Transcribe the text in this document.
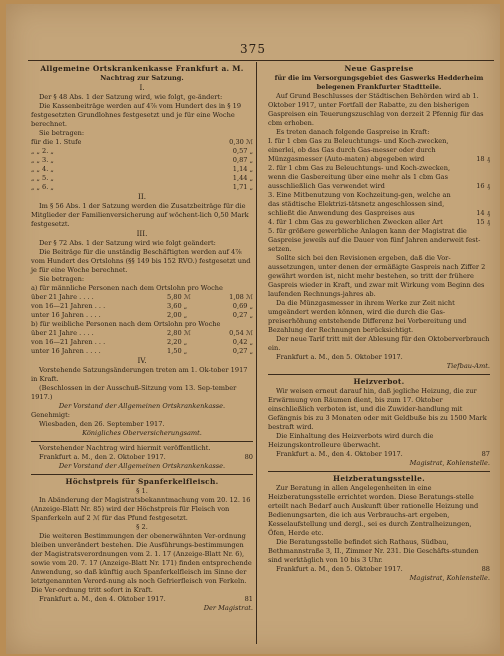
375

Allgemeine Ortskrankenkasse Frankfurt a. M.

Nachtrag zur Satzung.

I.

Der § 48 Abs. 1 der Satzung wird, wie folgt, ge-ändert:

Die Kassenbeiträge werden auf 4⅞ vom Hundert des in § 19 festgesetzten Grundlohnes festgesetzt und je für eine Woche berechnet.

Sie betragen:

für die 1. Stufe	0,30 ℳ
„ „ 2. „	0,57 „
„ „ 3. „	0,87 „
„ „ 4. „	1,14 „
„ „ 5. „	1,44 „
„ „ 6. „	1,71 „

II.

Im § 56 Abs. 1 der Satzung werden die Zusatzbeiträge für die Mitglieder der Familienversicherung auf wöchent-lich 0,50 Mark festgesetzt.

III.

Der § 72 Abs. 1 der Satzung wird wie folgt geändert:

Die Beiträge für die unständig Beschäftigten werden auf 4⅞ vom Hundert des Ortslohns (§§ 149 bis 152 RVO.) festgesetzt und je für eine Woche berechnet.

Sie betragen:

a) für männliche Personen nach dem Ortslohn pro Woche

über 21 Jahre . . . .	5,80 ℳ	1,08 ℳ
von 16—21 Jahren . . .	3,60 „	0,69 „
unter 16 Jahren . . . .	2,00 „	0,27 „

b) für weibliche Personen nach dem Ortslohn pro Woche

über 21 Jahre . . . .	2,80 ℳ	0,54 ℳ
von 16—21 Jahren . . .	2,20 „	0,42 „
unter 16 Jahren . . . .	1,50 „	0,27 „

IV.

Vorstehende Satzungsänderungen treten am 1. Ok-tober 1917 in Kraft.

(Beschlossen in der Ausschuß-Sitzung vom 13. Sep-tember 1917.)

Der Vorstand der Allgemeinen Ortskrankenkasse.

Genehmigt:

Wiesbaden, den 26. September 1917.

Königliches Oberversicherungsamt.

Vorstehender Nachtrag wird hiermit veröffentlicht.

Frankfurt a. M., den 2. Oktober 1917.	80

Der Vorstand der Allgemeinen Ortskrankenkasse.

Höchstpreis für Spanferkelfleisch.

§ 1.

In Abänderung der Magistratsbekanntmachung vom 20. 12. 16 (Anzeige-Blatt Nr. 85) wird der Höchstpreis für Fleisch von Spanferkeln auf 2 ℳ für das Pfund festgesetzt.

§ 2.

Die weiteren Bestimmungen der obenerwähnten Ver-ordnung bleiben unverändert bestehen. Die Ausführungs-bestimmungen der Magistratsverordnungen vom 2. 1. 17 (Anzeige-Blatt Nr. 6), sowie vom 20. 7. 17 (Anzeige-Blatt Nr. 171) finden entsprechende Anwendung, so daß künftig auch Spanferkelfleisch im Sinne der letztgenannten Verord-nung als noch Gefrierfleisch von Ferkeln. Die Ver-ordnung tritt sofort in Kraft.

Frankfurt a. M., den 4. Oktober 1917.	81

Der Magistrat.

Neue Gaspreise

für die im Versorgungsgebiet des Gaswerks Hedderheim belegenen Frankfurter Stadtteile.

Auf Grund Beschlusses der Städtischen Behörden wird ab 1. Oktober 1917, unter Fortfall der Rabatte, zu den bisherigen Gaspreisen ein Teuerungszuschlag von derzeit 2 Pfennig für das cbm erhoben.

Es treten danach folgende Gaspreise in Kraft:

I. für 1 cbm Gas zu Beleuchtungs- und Koch-zwecken, einerlei, ob das Gas durch Gas-messer oder durch Münzgasmesser (Auto-maten) abgegeben wird	18 ₰
2. für 1 cbm Gas zu Beleuchtungs- und Koch-zwecken, wenn die Gasbereitung über eine mehr als 1 cbm Gas ausschließlich Gas verwendet wird	16 ₰
3. Eine Mitbenutzung von Kochzeitung-gen, welche an das städtische Elektrizi-tätsnetz angeschlossen sind, schließt die Anwendung des Gaspreises aus	14 ₰
4. für 1 cbm Gas zu gewerblichen Zwecken aller Art	15 ₰
5. für größere gewerbliche Anlagen kann der Magistrat die Gaspreise jeweils auf die Dauer von fünf Jahren anderweit fest-setzen.

Sollte sich bei den Revisionen ergeben, daß die Vor-aussetzungen, unter denen der ermäßigte Gaspreis nach Ziffer 2 gewährt worden ist, nicht mehr bestehen, so tritt der frühere Gaspreis wieder in Kraft, und zwar mit Wirkung vom Beginn des laufenden Rechnungs-jahres ab.

Da die Münzgasmesser in ihrem Werke zur Zeit nicht umgeändert werden können, wird die durch die Gas-preiserhöhung entstehende Differenz bei Vorbereitung und Bezahlung der Rechnungen berücksichtigt.

Der neue Tarif tritt mit der Ablesung für den Oktoberverbrauch ein.

Frankfurt a. M., den 5. Oktober 1917.

Tiefbau-Amt.

Heizverbot.

Wir weisen erneut darauf hin, daß jegliche Heizung, die zur Erwärmung von Räumen dient, bis zum 17. Oktober einschließlich verboten ist, und die Zuwider-handlung mit Gefängnis bis zu 3 Monaten oder mit Geldbuße bis zu 1500 Mark bestraft wird.

Die Einhaltung des Heizverbots wird durch die Heizungskontrolleure überwacht.

Frankfurt a. M., den 4. Oktober 1917.	87

Magistrat, Kohlenstelle.

Heizberatungsstelle.

Zur Beratung in allen Angelegenheiten in eine Heizberatungsstelle errichtet worden. Diese Beratungs-stelle erteilt nach Bedarf auch Auskunft über rationelle Heizung und Bedienungsarten, die ich aus Verbrauchs-art ergeben, Kesselaufstellung und dergl., sei es durch Zentralheizungen, Öfen, Herde etc.

Die Beratungsstelle befindet sich Rathaus, Südbau, Bethmannstraße 3, II., Zimmer Nr. 231. Die Geschäfts-stunden sind werktäglich von 10 bis 3 Uhr.

Frankfurt a. M., den 5. Oktober 1917.	88

Magistrat, Kohlenstelle.
